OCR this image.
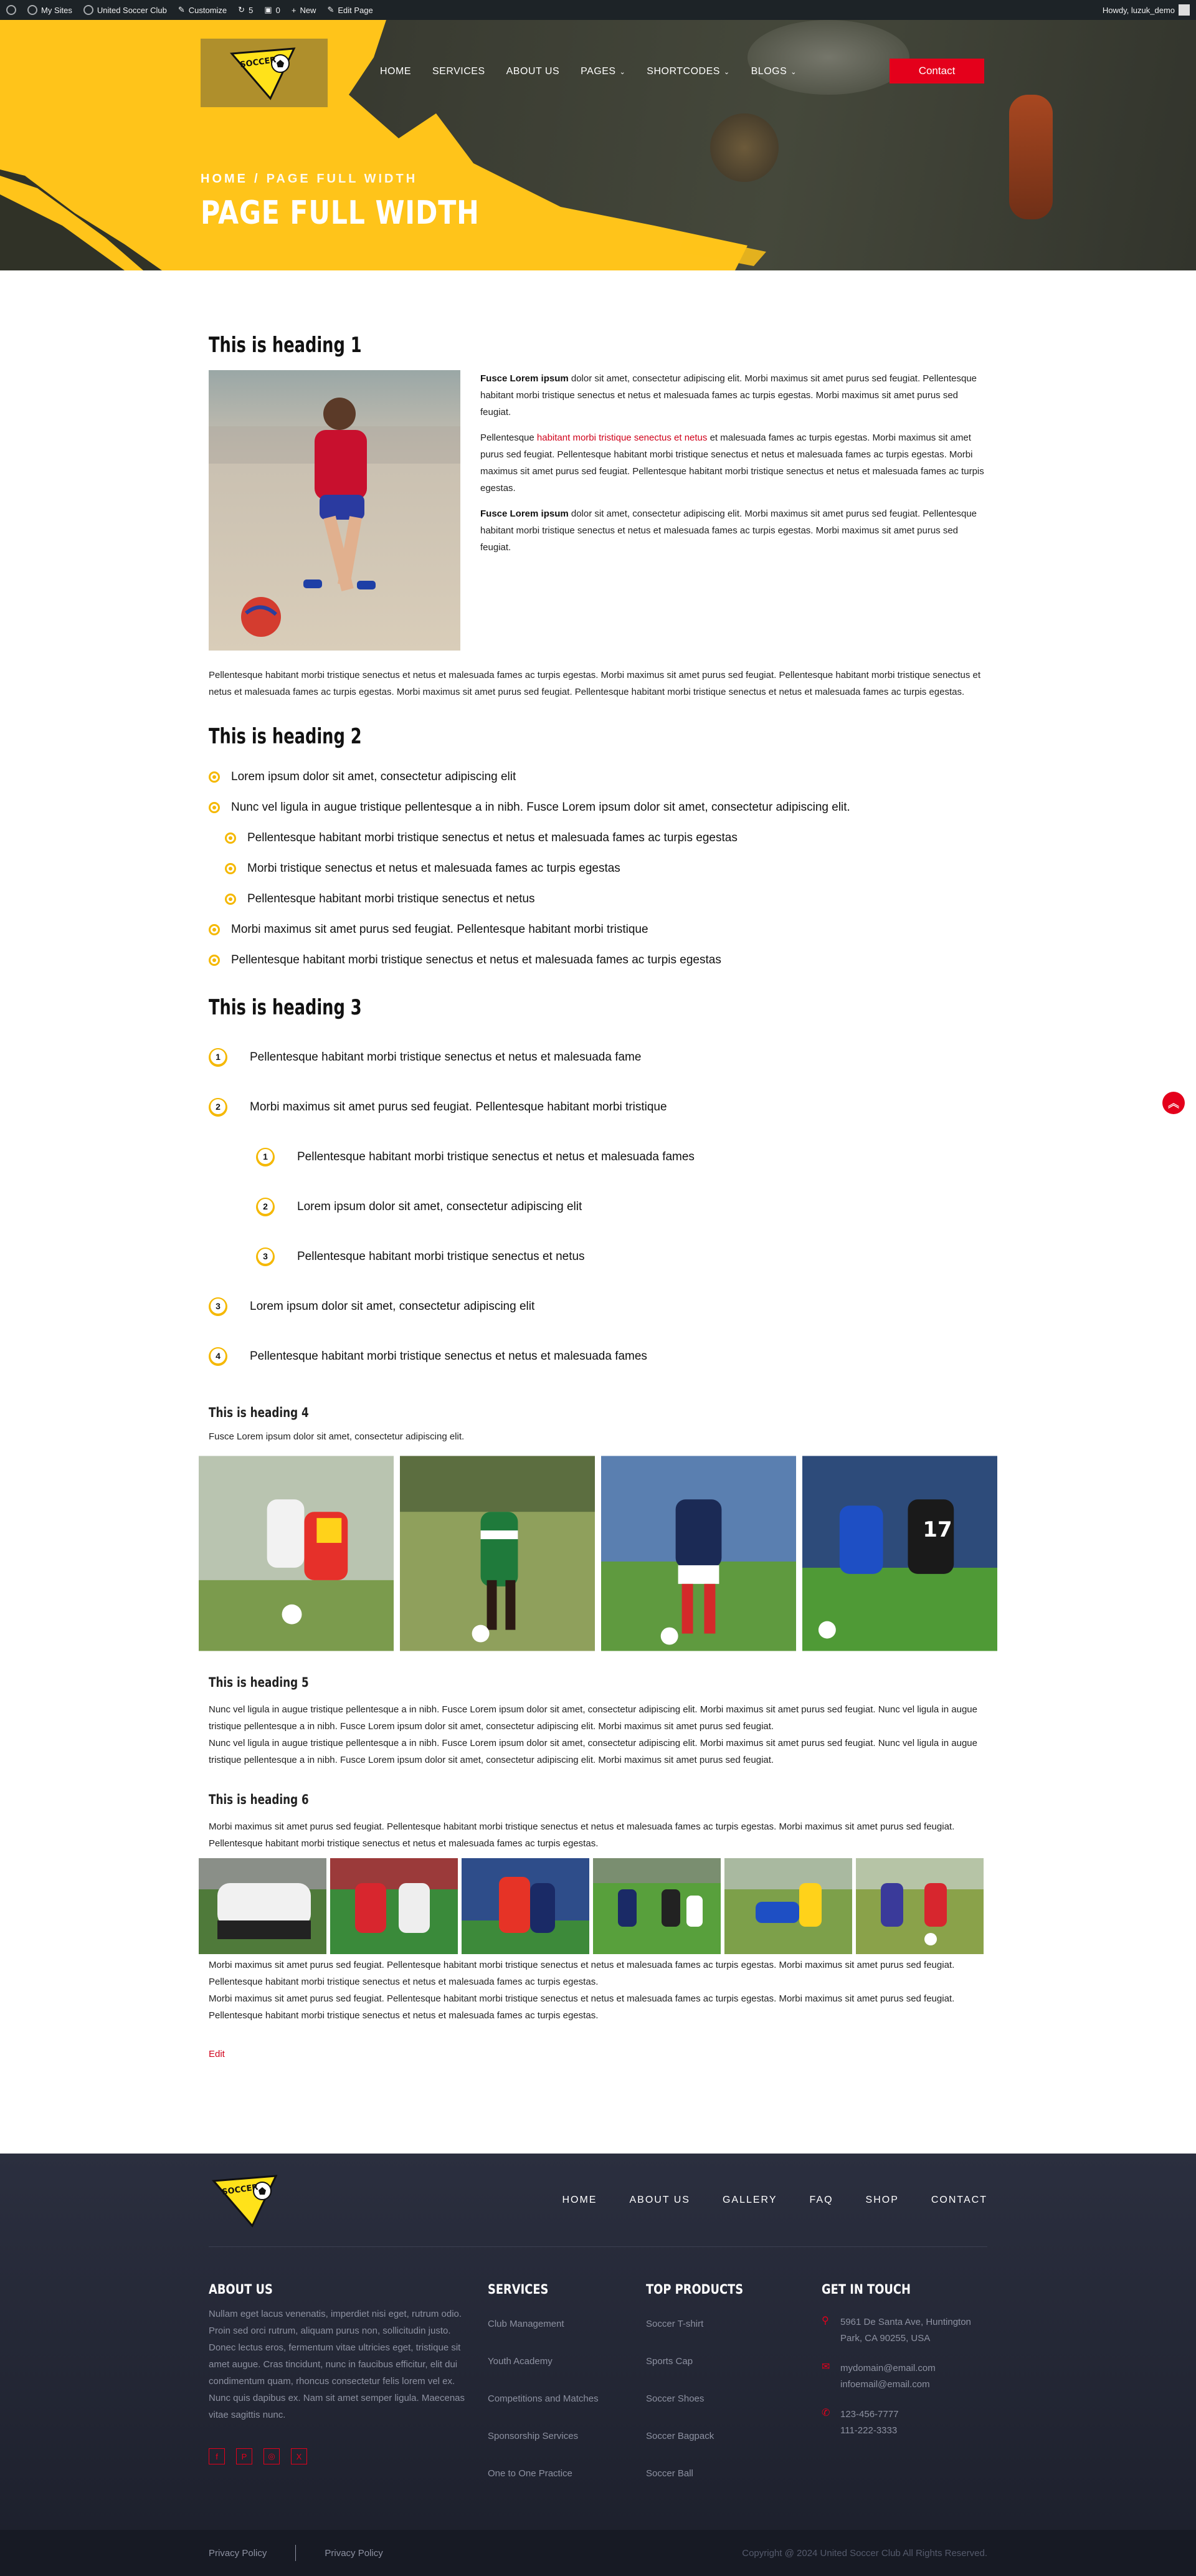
My Sites	United Soccer Club ✎ Customize ↻ 5 ▣ 0 + New ✎ Edit Page	Howdy, luzuk_demo
SOCCER
HOME SERVICES ABOUT US PAGES ⌄ SHORTCODES ⌄ BLOGS ⌄	Contact
HOME / PAGE FULL WIDTH
PAGE FULL WIDTH
This is heading 1

Fusce Lorem ipsum dolor sit amet, consectetur adipiscing elit. Morbi maximus sit amet purus sed feugiat. Pellentesque habitant morbi tristique senectus et netus et malesuada fames ac turpis egestas. Morbi maximus sit amet purus sed feugiat.

Pellentesque habitant morbi tristique senectus et netus et malesuada fames ac turpis egestas. Morbi maximus sit amet purus sed feugiat. Pellentesque habitant morbi tristique senectus et netus et malesuada fames ac turpis egestas. Morbi maximus sit amet purus sed feugiat. Pellentesque habitant morbi tristique senectus et netus et malesuada fames ac turpis egestas.

Fusce Lorem ipsum dolor sit amet, consectetur adipiscing elit. Morbi maximus sit amet purus sed feugiat. Pellentesque habitant morbi tristique senectus et netus et malesuada fames ac turpis egestas. Morbi maximus sit amet purus sed feugiat.

Pellentesque habitant morbi tristique senectus et netus et malesuada fames ac turpis egestas. Morbi maximus sit amet purus sed feugiat. Pellentesque habitant morbi tristique senectus et netus et malesuada fames ac turpis egestas. Morbi maximus sit amet purus sed feugiat. Pellentesque habitant morbi tristique senectus et netus et malesuada fames ac turpis egestas.

This is heading 2
Lorem ipsum dolor sit amet, consectetur adipiscing elit
Nunc vel ligula in augue tristique pellentesque a in nibh. Fusce Lorem ipsum dolor sit amet, consectetur adipiscing elit.
Pellentesque habitant morbi tristique senectus et netus et malesuada fames ac turpis egestas
Morbi tristique senectus et netus et malesuada fames ac turpis egestas
Pellentesque habitant morbi tristique senectus et netus
Morbi maximus sit amet purus sed feugiat. Pellentesque habitant morbi tristique
Pellentesque habitant morbi tristique senectus et netus et malesuada fames ac turpis egestas
This is heading 3
1	Pellentesque habitant morbi tristique senectus et netus et malesuada fame
2	Morbi maximus sit amet purus sed feugiat. Pellentesque habitant morbi tristique
1	Pellentesque habitant morbi tristique senectus et netus et malesuada fames
2	Lorem ipsum dolor sit amet, consectetur adipiscing elit
3	Pellentesque habitant morbi tristique senectus et netus
3	Lorem ipsum dolor sit amet, consectetur adipiscing elit
4	Pellentesque habitant morbi tristique senectus et netus et malesuada fames
This is heading 4

Fusce Lorem ipsum dolor sit amet, consectetur adipiscing elit.

17
This is heading 5

Nunc vel ligula in augue tristique pellentesque a in nibh. Fusce Lorem ipsum dolor sit amet, consectetur adipiscing elit. Morbi maximus sit amet purus sed feugiat. Nunc vel ligula in augue tristique pellentesque a in nibh. Fusce Lorem ipsum dolor sit amet, consectetur adipiscing elit. Morbi maximus sit amet purus sed feugiat.

Nunc vel ligula in augue tristique pellentesque a in nibh. Fusce Lorem ipsum dolor sit amet, consectetur adipiscing elit. Morbi maximus sit amet purus sed feugiat. Nunc vel ligula in augue tristique pellentesque a in nibh. Fusce Lorem ipsum dolor sit amet, consectetur adipiscing elit. Morbi maximus sit amet purus sed feugiat.

This is heading 6

Morbi maximus sit amet purus sed feugiat. Pellentesque habitant morbi tristique senectus et netus et malesuada fames ac turpis egestas. Morbi maximus sit amet purus sed feugiat. Pellentesque habitant morbi tristique senectus et netus et malesuada fames ac turpis egestas.

Morbi maximus sit amet purus sed feugiat. Pellentesque habitant morbi tristique senectus et netus et malesuada fames ac turpis egestas. Morbi maximus sit amet purus sed feugiat. Pellentesque habitant morbi tristique senectus et netus et malesuada fames ac turpis egestas.

Morbi maximus sit amet purus sed feugiat. Pellentesque habitant morbi tristique senectus et netus et malesuada fames ac turpis egestas. Morbi maximus sit amet purus sed feugiat. Pellentesque habitant morbi tristique senectus et netus et malesuada fames ac turpis egestas.

Edit
︽
SOCCER
HOME	ABOUT US	GALLERY	FAQ	SHOP	CONTACT
ABOUT US

Nullam eget lacus venenatis, imperdiet nisi eget, rutrum odio. Proin sed orci rutrum, aliquam purus non, sollicitudin justo. Donec lectus eros, fermentum vitae ultricies eget, tristique sit amet augue. Cras tincidunt, nunc in faucibus efficitur, elit dui condimentum quam, rhoncus consectetur felis lorem vel ex. Nunc quis dapibus ex. Nam sit amet semper ligula. Maecenas vitae sagittis nunc.

f	P	◎	X
SERVICES
Club Management
Youth Academy
Competitions and Matches
Sponsorship Services
One to One Practice
TOP PRODUCTS
Soccer T-shirt
Sports Cap
Soccer Shoes
Soccer Bagpack
Soccer Ball
GET IN TOUCH
⚲ 5961 De Santa Ave, Huntington Park, CA 90255, USA
✉ mydomain@email.com
infoemail@email.com
✆ 123-456-7777
111-222-3333
Privacy Policy	Privacy Policy	Copyright @ 2024 United Soccer Club All Rights Reserved.
